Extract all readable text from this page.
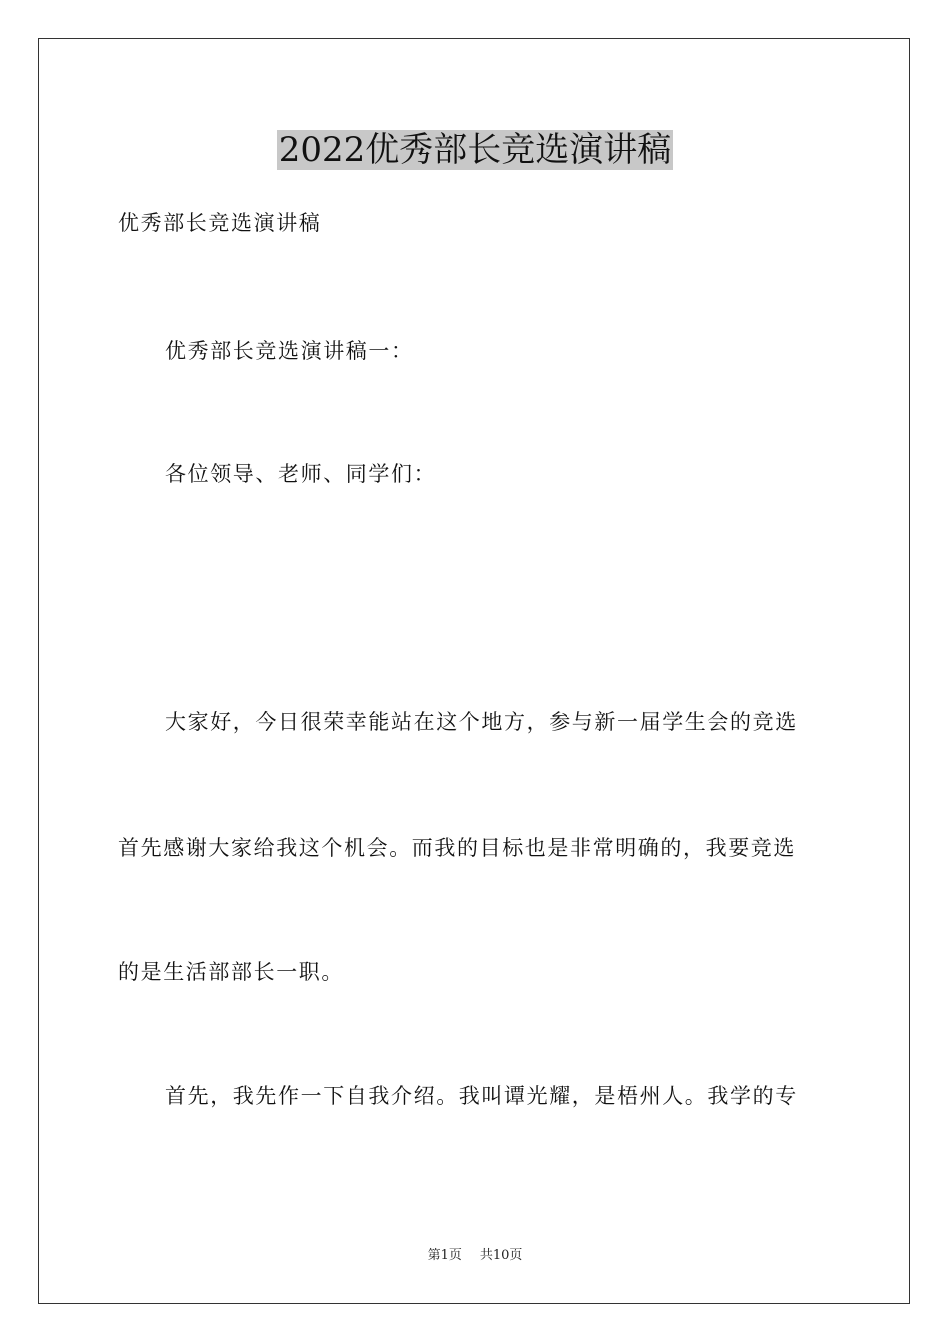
2022优秀部长竞选演讲稿
优秀部长竞选演讲稿
优秀部长竞选演讲稿一：
各位领导、老师、同学们：
大家好，今日很荣幸能站在这个地方，参与新一届学生会的竞选
首先感谢大家给我这个机会。而我的目标也是非常明确的，我要竞选
的是生活部部长一职。
首先，我先作一下自我介绍。我叫谭光耀，是梧州人。我学的专
第1页 共10页
